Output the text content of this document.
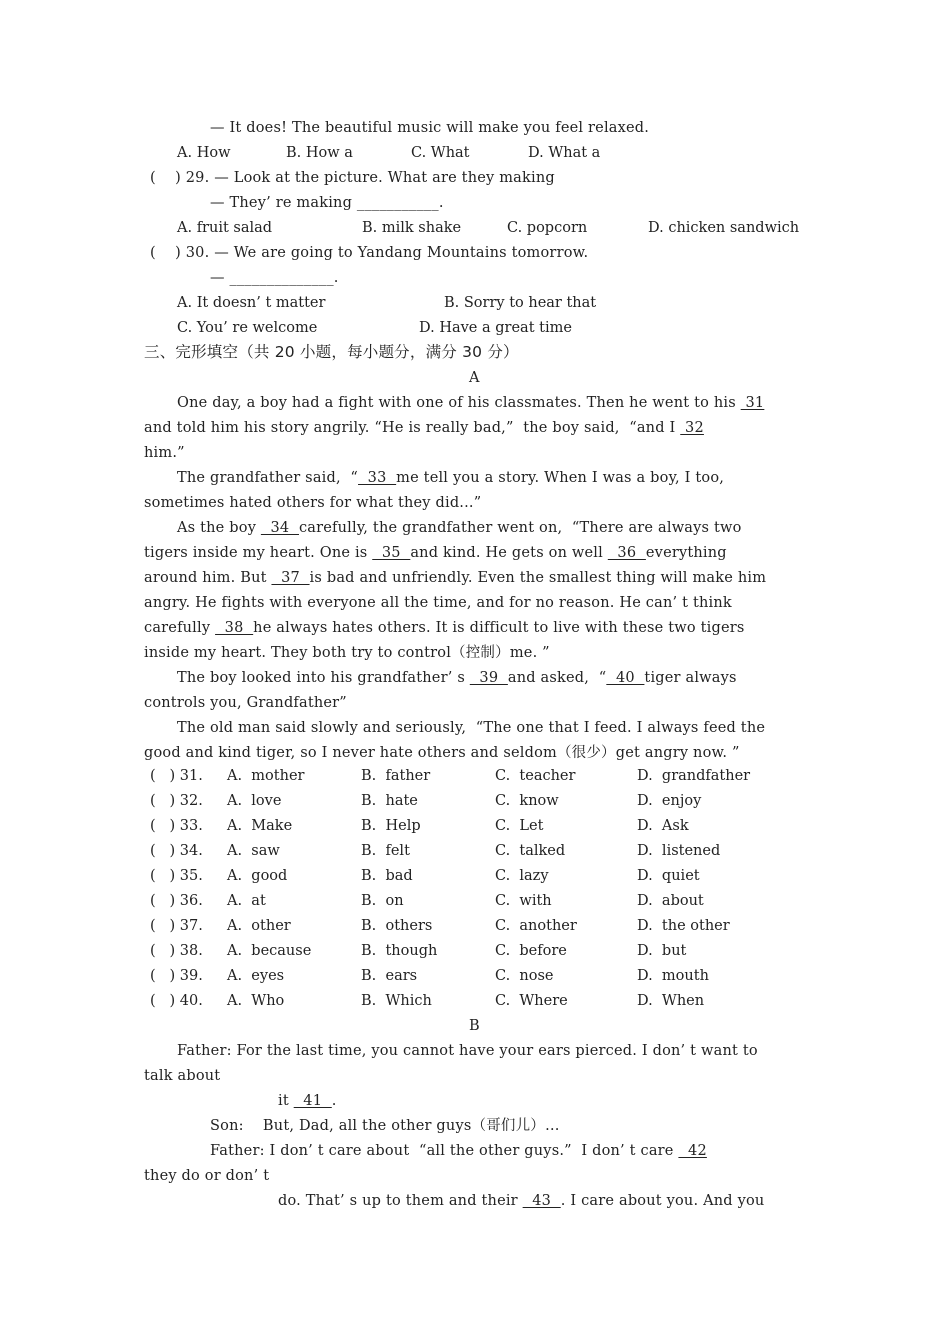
— It does! The beautiful music will make you feel relaxed.
A. How	B. How a	C. What	D. What a
(    ) 29. — Look at the picture. What are they making
— They’ re making ___________.
A. fruit salad	B. milk shake	C. popcorn	D. chicken sandwich
(    ) 30. — We are going to Yandang Mountains tomorrow.
— ______________.
A. It doesn’ t matter	B. Sorry to hear that
C. You’ re welcome	D. Have a great time
三、完形填空（共 20 小题，每小题分，满分 30 分）
A
One day, a boy had a fight with one of his classmates. Then he went to his  31
and told him his story angrily. “He is really bad,”  the boy said,  “and I  32
him.”
The grandfather said,  “  33  me tell you a story. When I was a boy, I too,
sometimes hated others for what they did...”
As the boy   34  carefully, the grandfather went on,  “There are always two
tigers inside my heart. One is   35  and kind. He gets on well   36  everything
around him. But   37  is bad and unfriendly. Even the smallest thing will make him
angry. He fights with everyone all the time, and for no reason. He can’ t think
carefully   38  he always hates others. It is difficult to live with these two tigers
inside my heart. They both try to control（控制）me. ”
The boy looked into his grandfather’ s   39  and asked,  “  40  tiger always
controls you, Grandfather”
The old man said slowly and seriously,  “The one that I feed. I always feed the
good and kind tiger, so I never hate others and seldom（很少）get angry now. ”
(   ) 31. A.  mother	B.  father	C.  teacher	D.  grandfather
(   ) 32. A.  love	B.  hate	C.  know	D.  enjoy
(   ) 33. A.  Make	B.  Help	C.  Let	D.  Ask
(   ) 34. A.  saw	B.  felt	C.  talked	D.  listened
(   ) 35. A.  good	B.  bad	C.  lazy	D.  quiet
(   ) 36. A.  at	B.  on	C.  with	D.  about
(   ) 37. A.  other	B.  others	C.  another	D.  the other
(   ) 38. A.  because	B.  though	C.  before	D.  but
(   ) 39. A.  eyes	B.  ears	C.  nose	D.  mouth
(   ) 40. A.  Who	B.  Which	C.  Where	D.  When
B
Father: For the last time, you cannot have your ears pierced. I don’ t want to
talk about
it   41  .
Son:    But, Dad, all the other guys（哥们儿）…
Father: I don’ t care about  “all the other guys.”  I don’ t care   42
they do or don’ t
do. That’ s up to them and their   43  . I care about you. And you
